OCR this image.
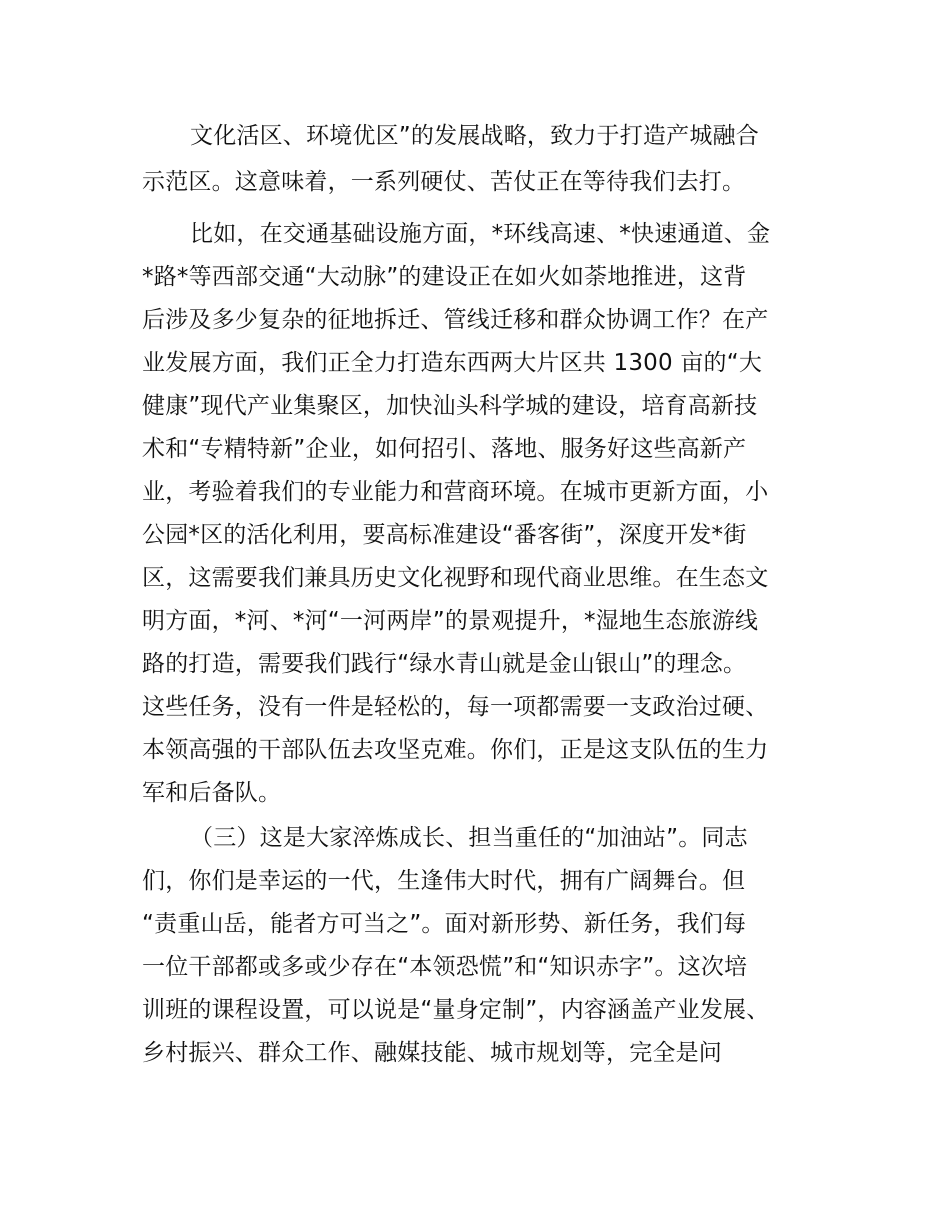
文化活区、环境优区”的发展战略，致力于打造产城融合
示范区。这意味着，一系列硬仗、苦仗正在等待我们去打。
比如，在交通基础设施方面，*环线高速、*快速通道、金
*路*等西部交通“大动脉”的建设正在如火如荼地推进，这背
后涉及多少复杂的征地拆迁、管线迁移和群众协调工作？在产
业发展方面，我们正全力打造东西两大片区共 1300 亩的“大
健康”现代产业集聚区，加快汕头科学城的建设，培育高新技
术和“专精特新”企业，如何招引、落地、服务好这些高新产
业，考验着我们的专业能力和营商环境。在城市更新方面，小
公园*区的活化利用，要高标准建设“番客街”，深度开发*街
区，这需要我们兼具历史文化视野和现代商业思维。在生态文
明方面，*河、*河“一河两岸”的景观提升，*湿地生态旅游线
路的打造，需要我们践行“绿水青山就是金山银山”的理念。
这些任务，没有一件是轻松的，每一项都需要一支政治过硬、
本领高强的干部队伍去攻坚克难。你们，正是这支队伍的生力
军和后备队。
（三）这是大家淬炼成长、担当重任的“加油站”。同志
们，你们是幸运的一代，生逢伟大时代，拥有广阔舞台。但
“责重山岳，能者方可当之”。面对新形势、新任务，我们每
一位干部都或多或少存在“本领恐慌”和“知识赤字”。这次培
训班的课程设置，可以说是“量身定制”，内容涵盖产业发展、
乡村振兴、群众工作、融媒技能、城市规划等，完全是问
